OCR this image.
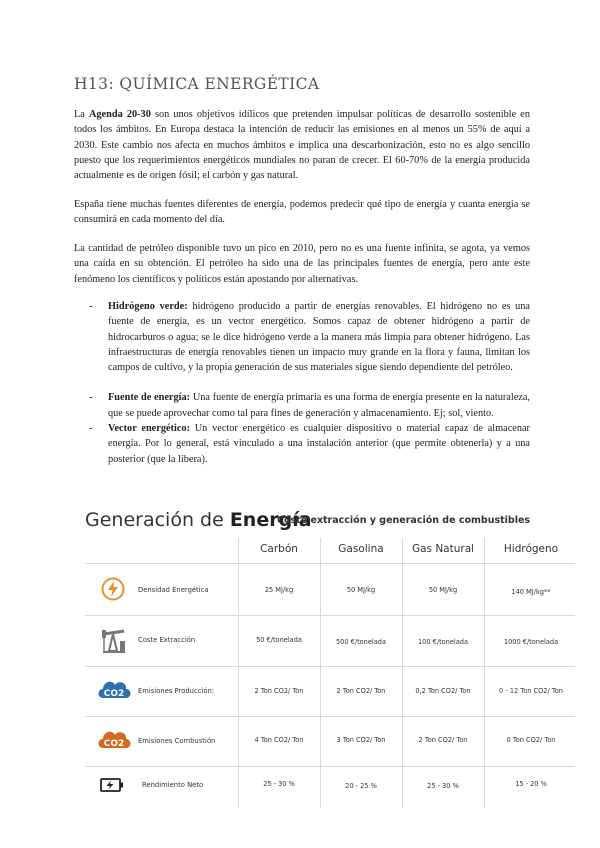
H13: QUÍMICA ENERGÉTICA

La Agenda 20-30 son unos objetivos idílicos que pretenden impulsar políticas de desarrollo sostenible en todos los ámbitos. En Europa destaca la intención de reducir las emisiones en al menos un 55% de aquí a 2030. Este cambio nos afecta en muchos ámbitos e implica una descarbonización, esto no es algo sencillo puesto que los requerimientos energéticos mundiales no paran de crecer. El 60-70% de la energía producida actualmente es de origen fósil; el carbón y gas natural.

España tiene muchas fuentes diferentes de energía, podemos predecir qué tipo de energía y cuanta energía se consumirá en cada momento del día.

La cantidad de petróleo disponible tuvo un pico en 2010, pero no es una fuente infinita, se agota, ya vemos una caída en su obtención. El petróleo ha sido una de las principales fuentes de energía, pero ante este fenómeno los científicos y políticos están apostando por alternativas.

- Hidrógeno verde: hidrógeno producido a partir de energías renovables. El hidrógeno no es una fuente de energía, es un vector energético. Somos capaz de obtener hidrógeno a partir de hidrocarburos o agua; se le dice hidrógeno verde a la manera más limpia para obtener hidrógeno. Las infraestructuras de energía renovables tienen un impacto muy grande en la flora y fauna, limitan los campos de cultivo, y la propia generación de sus materiales sigue siendo dependiente del petróleo.
- Fuente de energía: Una fuente de energía primaria es una forma de energía presente en la naturaleza, que se puede aprovechar como tal para fines de generación y almacenamiento. Ej; sol, viento.
- Vector energético: Un vector energético es cualquier dispositivo o material capaz de almacenar energía. Por lo general, está vinculado a una instalación anterior (que permite obtenerla) y a una posterior (que la libera).
Generación de Energía
Coste extracción y generación de combustibles
Carbón	Gasolina	Gas Natural	Hidrógeno
Densidad Energética	25 MJ/kg	50 MJ/kg	50 MJ/kg	140 MJ/kg**
Coste Extracción	50 €/tonelada	500 €/tonelada	100 €/tonelada	1000 €/tonelada
CO2 Emisiones Producción:	2 Ton CO2/ Ton	2 Ton CO2/ Ton	0,2 Ton CO2/ Ton	0 - 12 Ton CO2/ Ton
CO2 Emisiones Combustión	4 Ton CO2/ Ton	3 Ton CO2/ Ton	2 Ton CO2/ Ton	0 Ton CO2/ Ton
Rendimiento Neto	25 - 30 %	20 - 25 %	25 - 30 %	15 - 20 %
